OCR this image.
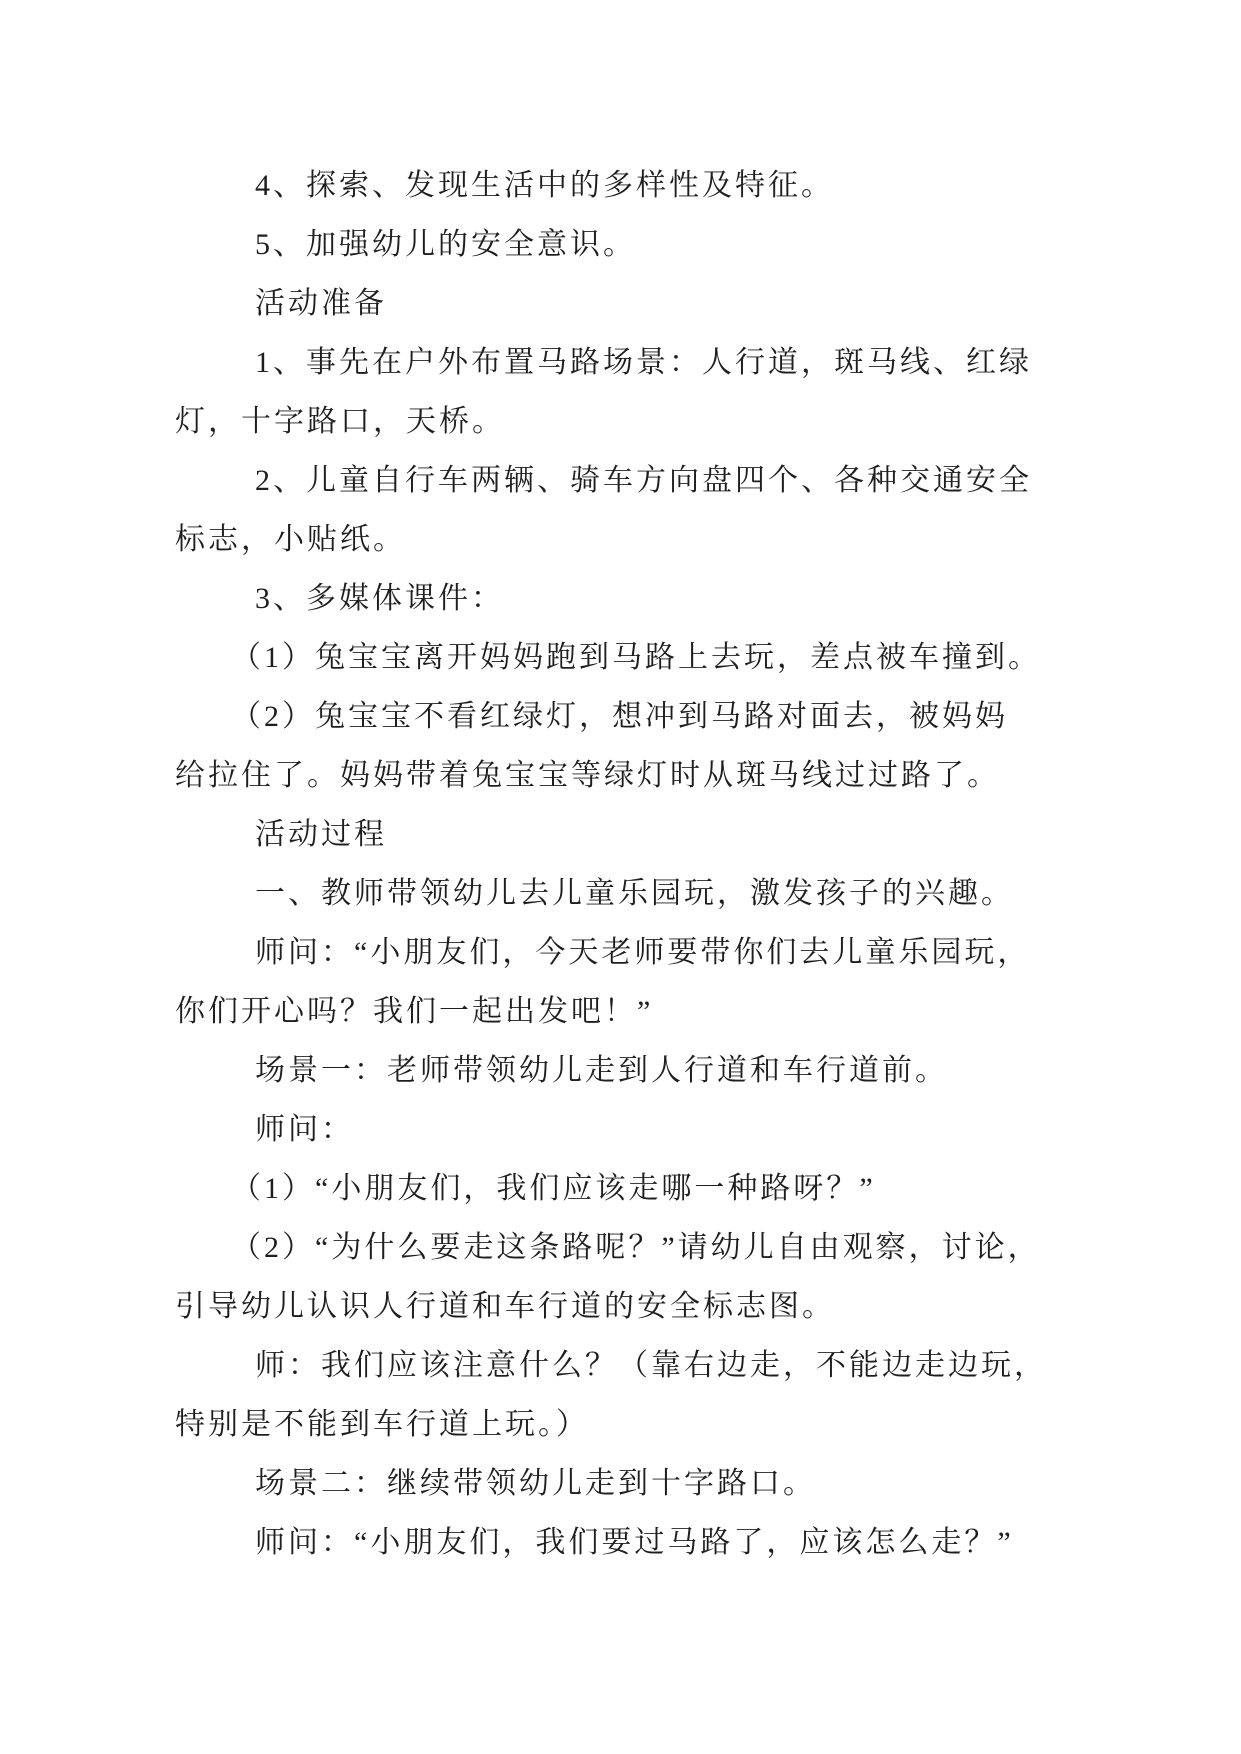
4、探索、发现生活中的多样性及特征。
5、加强幼儿的安全意识。
活动准备
1、事先在户外布置马路场景：人行道，斑马线、红绿
灯，十字路口，天桥。
2、儿童自行车两辆、骑车方向盘四个、各种交通安全
标志，小贴纸。
3、多媒体课件：
（1）兔宝宝离开妈妈跑到马路上去玩，差点被车撞到。
（2）兔宝宝不看红绿灯，想冲到马路对面去，被妈妈
给拉住了。妈妈带着兔宝宝等绿灯时从斑马线过过路了。
活动过程
一、教师带领幼儿去儿童乐园玩，激发孩子的兴趣。
师问：“小朋友们，今天老师要带你们去儿童乐园玩，
你们开心吗？我们一起出发吧！”
场景一：老师带领幼儿走到人行道和车行道前。
师问：
（1）“小朋友们，我们应该走哪一种路呀？”
（2）“为什么要走这条路呢？”请幼儿自由观察，讨论，
引导幼儿认识人行道和车行道的安全标志图。
师：我们应该注意什么？（靠右边走，不能边走边玩，
特别是不能到车行道上玩。）
场景二：继续带领幼儿走到十字路口。
师问：“小朋友们，我们要过马路了，应该怎么走？”
